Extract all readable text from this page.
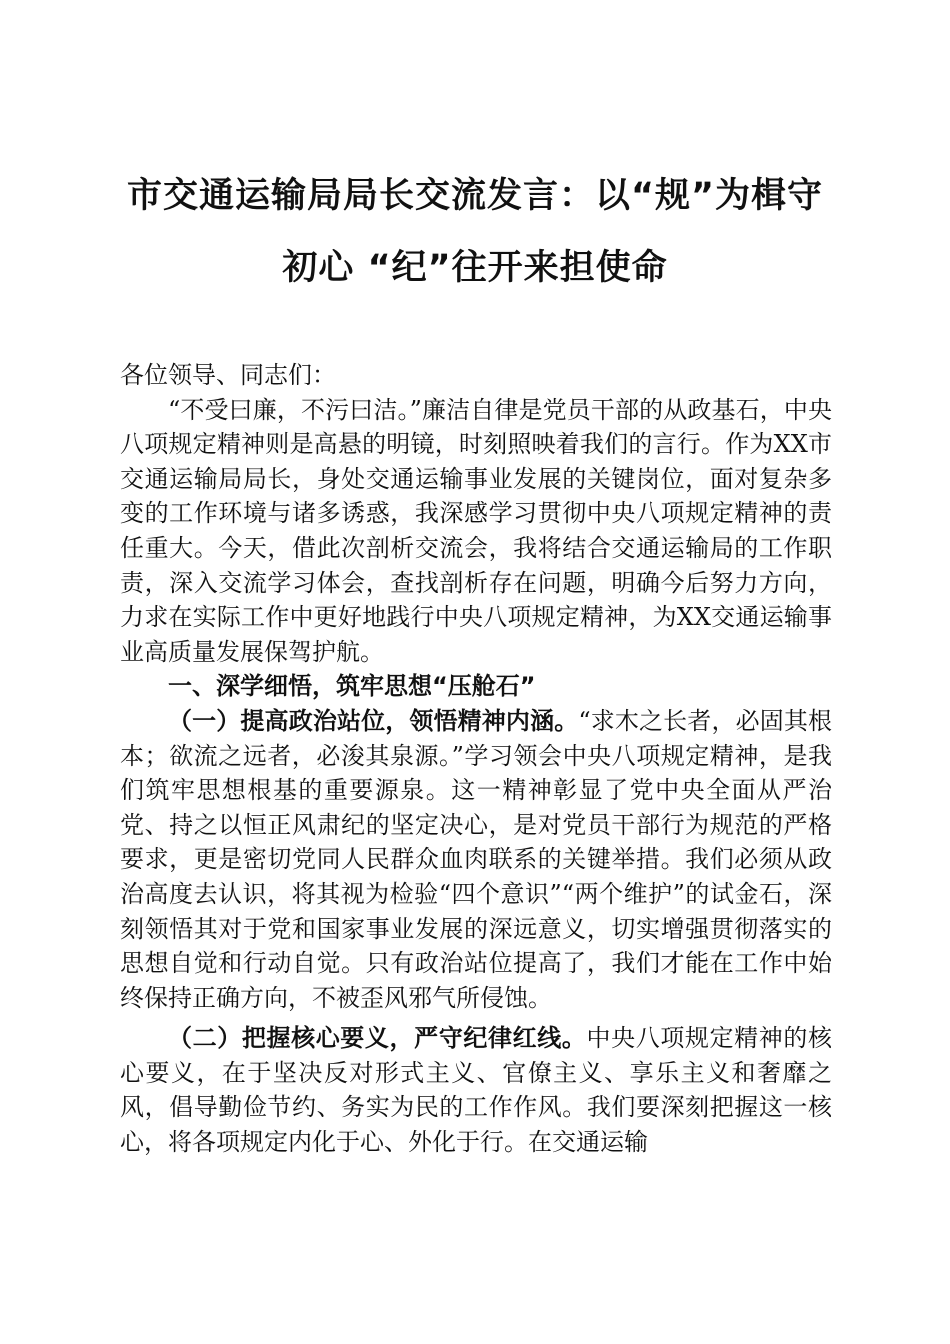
市交通运输局局长交流发言：以“规”为楫守
初心 “纪”往开来担使命

各位领导、同志们：

“不受曰廉，不污曰洁。”廉洁自律是党员干部的从政基石，中央八项规定精神则是高悬的明镜，时刻照映着我们的言行。作为XX市交通运输局局长，身处交通运输事业发展的关键岗位，面对复杂多变的工作环境与诸多诱惑，我深感学习贯彻中央八项规定精神的责任重大。今天，借此次剖析交流会，我将结合交通运输局的工作职责，深入交流学习体会，查找剖析存在问题，明确今后努力方向，力求在实际工作中更好地践行中央八项规定精神，为XX交通运输事业高质量发展保驾护航。

一、深学细悟，筑牢思想“压舱石”

（一）提高政治站位，领悟精神内涵。“求木之长者，必固其根本；欲流之远者，必浚其泉源。”学习领会中央八项规定精神，是我们筑牢思想根基的重要源泉。这一精神彰显了党中央全面从严治党、持之以恒正风肃纪的坚定决心，是对党员干部行为规范的严格要求，更是密切党同人民群众血肉联系的关键举措。我们必须从政治高度去认识，将其视为检验“四个意识”“两个维护”的试金石，深刻领悟其对于党和国家事业发展的深远意义，切实增强贯彻落实的思想自觉和行动自觉。只有政治站位提高了，我们才能在工作中始终保持正确方向，不被歪风邪气所侵蚀。

（二）把握核心要义，严守纪律红线。中央八项规定精神的核心要义，在于坚决反对形式主义、官僚主义、享乐主义和奢靡之风，倡导勤俭节约、务实为民的工作作风。我们要深刻把握这一核心，将各项规定内化于心、外化于行。在交通运输
